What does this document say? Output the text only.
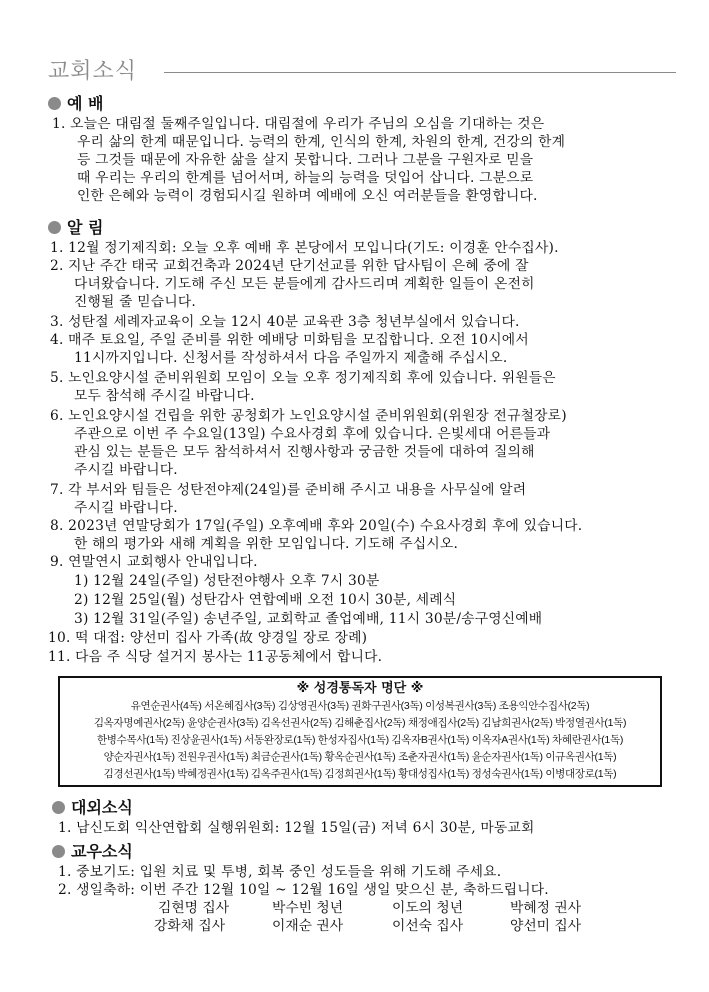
교회소식
예 배
1. 오늘은 대림절 둘째주일입니다. 대림절에 우리가 주님의 오심을 기대하는 것은
우리 삶의 한계 때문입니다. 능력의 한계, 인식의 한계, 차원의 한계, 건강의 한계
등 그것들 때문에 자유한 삶을 살지 못합니다. 그러나 그분을 구원자로 믿을
때 우리는 우리의 한계를 넘어서며, 하늘의 능력을 덧입어 삽니다. 그분으로
인한 은혜와 능력이 경험되시길 원하며 예배에 오신 여러분들을 환영합니다.
알 림
1. 12월 정기제직회: 오늘 오후 예배 후 본당에서 모입니다(기도: 이경훈 안수집사).
2. 지난 주간 태국 교회건축과 2024년 단기선교를 위한 답사팀이 은혜 중에 잘
다녀왔습니다. 기도해 주신 모든 분들에게 감사드리며 계획한 일들이 온전히
진행될 줄 믿습니다.
3. 성탄절 세례자교육이 오늘 12시 40분 교육관 3층 청년부실에서 있습니다.
4. 매주 토요일, 주일 준비를 위한 예배당 미화팀을 모집합니다. 오전 10시에서
11시까지입니다. 신청서를 작성하셔서 다음 주일까지 제출해 주십시오.
5. 노인요양시설 준비위원회 모임이 오늘 오후 정기제직회 후에 있습니다. 위원들은
모두 참석해 주시길 바랍니다.
6. 노인요양시설 건립을 위한 공청회가 노인요양시설 준비위원회(위원장 전규철장로)
주관으로 이번 주 수요일(13일) 수요사경회 후에 있습니다. 은빛세대 어른들과
관심 있는 분들은 모두 참석하셔서 진행사항과 궁금한 것들에 대하여 질의해
주시길 바랍니다.
7. 각 부서와 팀들은 성탄전야제(24일)를 준비해 주시고 내용을 사무실에 알려
주시길 바랍니다.
8. 2023년 연말당회가 17일(주일) 오후예배 후와 20일(수) 수요사경회 후에 있습니다.
한 해의 평가와 새해 계획을 위한 모임입니다. 기도해 주십시오.
9. 연말연시 교회행사 안내입니다.
1) 12월 24일(주일) 성탄전야행사 오후 7시 30분
2) 12월 25일(월) 성탄감사 연합예배 오전 10시 30분, 세례식
3) 12월 31일(주일) 송년주일, 교회학교 졸업예배, 11시 30분/송구영신예배
10. 떡 대접: 양선미 집사 가족(故 양경일 장로 장례)
11. 다음 주 식당 설거지 봉사는 11공동체에서 합니다.
※ 성경통독자 명단 ※
유연순권사(4독) 서온혜집사(3독) 김상영권사(3독) 권화구권사(3독) 이성복권사(3독) 조용익안수집사(2독)
김옥자명예권사(2독) 윤양순권사(3독) 김옥선권사(2독) 김해춘집사(2독) 채정애집사(2독) 김남희권사(2독) 박정열권사(1독)
한병수목사(1독) 진상윤권사(1독) 서동완장로(1독) 한성자집사(1독) 김옥자B권사(1독) 이옥자A권사(1독) 차혜란권사(1독)
양순자권사(1독) 전원우권사(1독) 최금순권사(1독) 황옥순권사(1독) 조춘자권사(1독) 윤순자권사(1독) 이규옥권사(1독)
김경선권사(1독) 박혜정권사(1독) 김옥주권사(1독) 김정희권사(1독) 황대성집사(1독) 정성숙권사(1독) 이병대장로(1독)
대외소식
1. 남신도회 익산연합회 실행위원회: 12월 15일(금) 저녁 6시 30분, 마동교회
교우소식
1. 중보기도: 입원 치료 및 투병, 회복 중인 성도들을 위해 기도해 주세요.
2. 생일축하: 이번 주간 12월 10일 ~ 12월 16일 생일 맞으신 분, 축하드립니다.
김현명 집사	박수빈 청년	이도의 청년	박혜정 권사
강화채 집사	이재순 권사	이선숙 집사	양선미 집사
